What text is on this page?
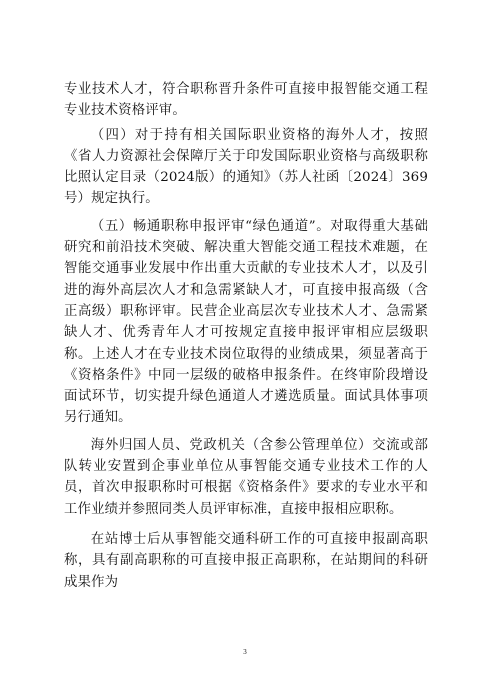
专业技术人才，符合职称晋升条件可直接申报智能交通工程专业技术资格评审。

（四）对于持有相关国际职业资格的海外人才，按照《省人力资源社会保障厅关于印发国际职业资格与高级职称比照认定目录（2024版）的通知》（苏人社函〔2024〕369号）规定执行。

（五）畅通职称申报评审“绿色通道”。对取得重大基础研究和前沿技术突破、解决重大智能交通工程技术难题，在智能交通事业发展中作出重大贡献的专业技术人才，以及引进的海外高层次人才和急需紧缺人才，可直接申报高级（含正高级）职称评审。民营企业高层次专业技术人才、急需紧缺人才、优秀青年人才可按规定直接申报评审相应层级职称。上述人才在专业技术岗位取得的业绩成果，须显著高于《资格条件》中同一层级的破格申报条件。在终审阶段增设面试环节，切实提升绿色通道人才遴选质量。面试具体事项另行通知。

海外归国人员、党政机关（含参公管理单位）交流或部队转业安置到企事业单位从事智能交通专业技术工作的人员，首次申报职称时可根据《资格条件》要求的专业水平和工作业绩并参照同类人员评审标准，直接申报相应职称。

在站博士后从事智能交通科研工作的可直接申报副高职称，具有副高职称的可直接申报正高职称，在站期间的科研成果作为

3
